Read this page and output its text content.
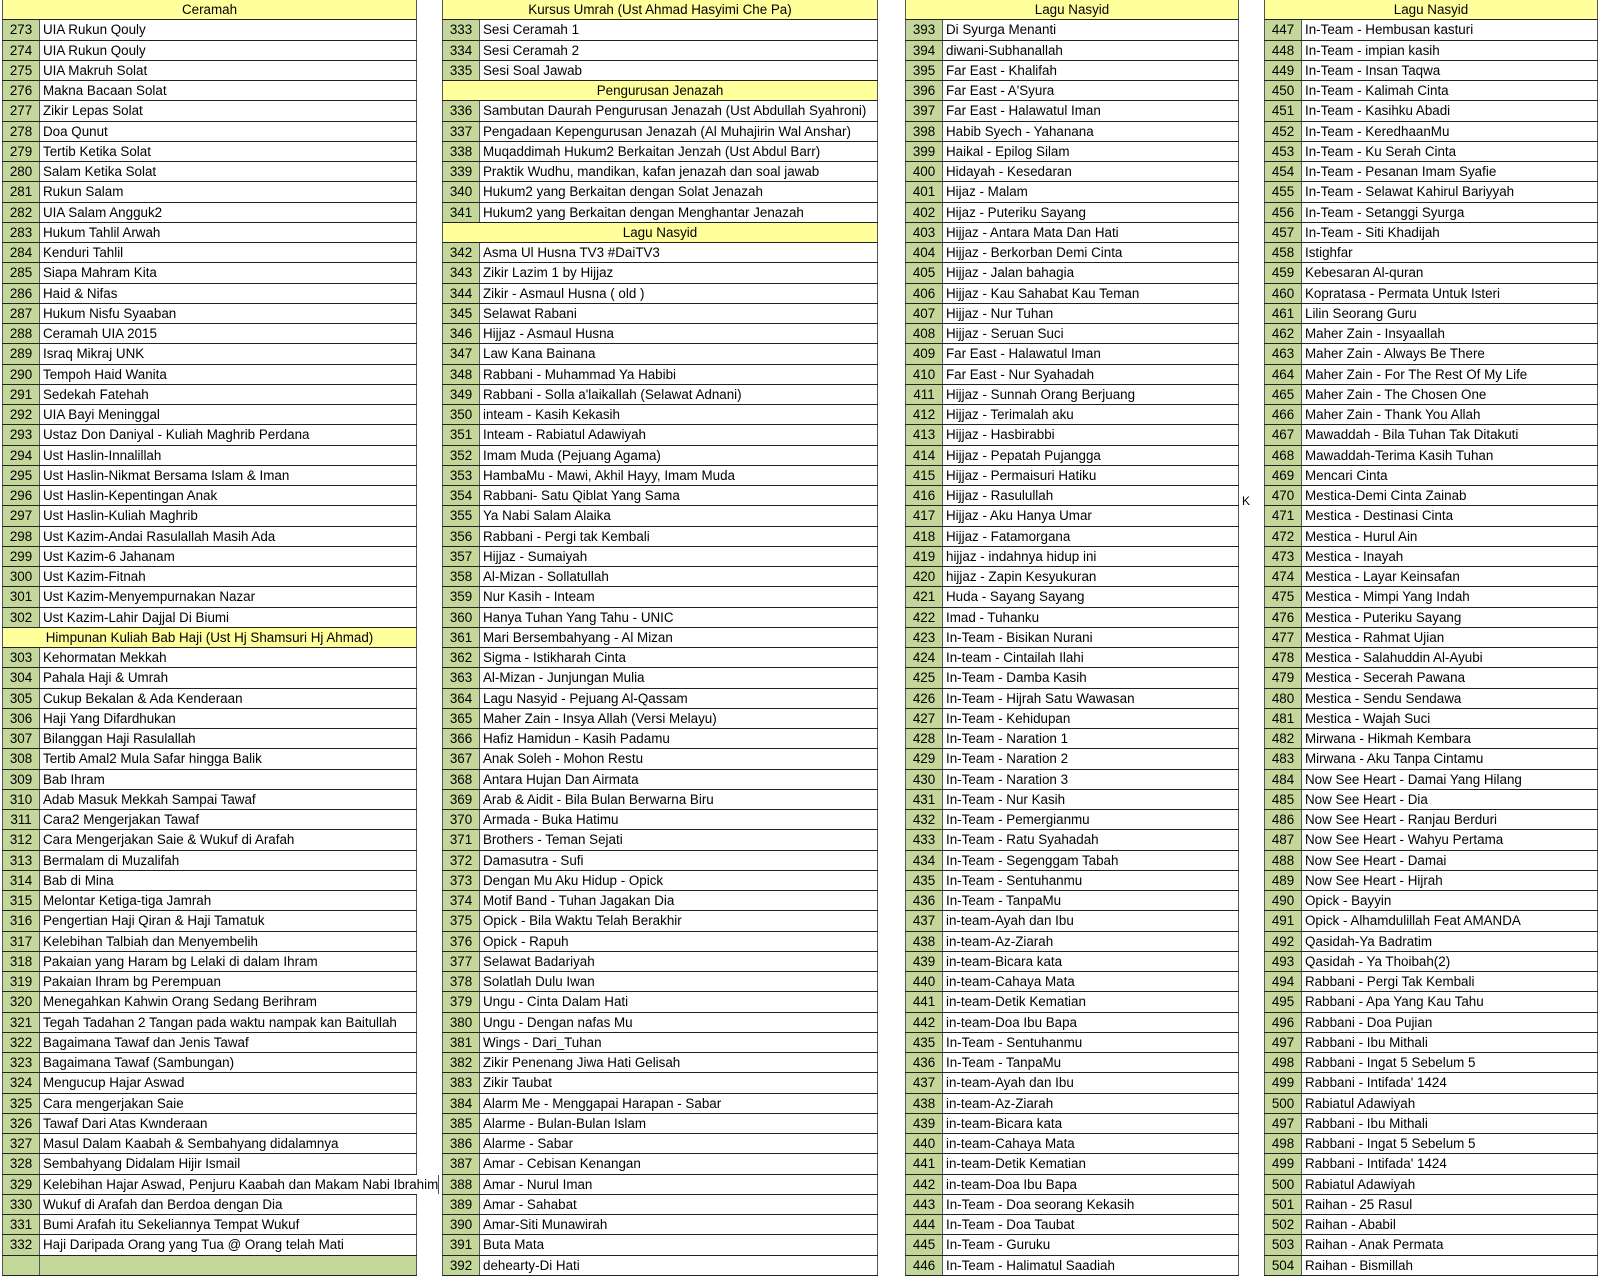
Ceramah
273 UIA Rukun Qouly
274 UIA Rukun Qouly
275 UIA Makruh Solat
276 Makna Bacaan Solat
277 Zikir Lepas Solat
278 Doa Qunut
279 Tertib Ketika Solat
280 Salam Ketika Solat
281 Rukun Salam
282 UIA Salam Angguk2
283 Hukum Tahlil Arwah
284 Kenduri Tahlil
285 Siapa Mahram Kita
286 Haid & Nifas
287 Hukum Nisfu Syaaban
288 Ceramah UIA 2015
289 Israq Mikraj UNK
290 Tempoh Haid Wanita
291 Sedekah Fatehah
292 UIA Bayi Meninggal
293 Ustaz Don Daniyal - Kuliah Maghrib Perdana
294 Ust Haslin-Innalillah
295 Ust Haslin-Nikmat Bersama Islam & Iman
296 Ust Haslin-Kepentingan Anak
297 Ust Haslin-Kuliah Maghrib
298 Ust Kazim-Andai Rasulallah Masih Ada
299 Ust Kazim-6 Jahanam
300 Ust Kazim-Fitnah
301 Ust Kazim-Menyempurnakan Nazar
302 Ust Kazim-Lahir Dajjal Di Biumi
Himpunan Kuliah Bab Haji (Ust Hj Shamsuri Hj Ahmad)
303 Kehormatan Mekkah
304 Pahala Haji & Umrah
305 Cukup Bekalan & Ada Kenderaan
306 Haji Yang Difardhukan
307 Bilanggan Haji Rasulallah
308 Tertib Amal2 Mula Safar hingga Balik
309 Bab Ihram
310 Adab Masuk Mekkah Sampai Tawaf
311 Cara2 Mengerjakan Tawaf
312 Cara Mengerjakan Saie & Wukuf di Arafah
313 Bermalam di Muzalifah
314 Bab di Mina
315 Melontar Ketiga-tiga Jamrah
316 Pengertian Haji Qiran & Haji Tamatuk
317 Kelebihan Talbiah dan Menyembelih
318 Pakaian yang Haram bg Lelaki di dalam Ihram
319 Pakaian Ihram bg Perempuan
320 Menegahkan Kahwin Orang Sedang Berihram
321 Tegah Tadahan 2 Tangan pada waktu nampak kan Baitullah
322 Bagaimana Tawaf dan Jenis Tawaf
323 Bagaimana Tawaf (Sambungan)
324 Mengucup Hajar Aswad
325 Cara mengerjakan Saie
326 Tawaf Dari Atas Kwnderaan
327 Masul Dalam Kaabah & Sembahyang didalamnya
328 Sembahyang Didalam Hijir Ismail
329 Kelebihan Hajar Aswad, Penjuru Kaabah dan Makam Nabi Ibrahim
330 Wukuf di Arafah dan Berdoa dengan Dia
331 Bumi Arafah itu Sekeliannya Tempat Wukuf
332 Haji Daripada Orang yang Tua @ Orang telah Mati
Kursus Umrah (Ust Ahmad Hasyimi Che Pa)
333 Sesi Ceramah 1
334 Sesi Ceramah 2
335 Sesi Soal Jawab
Pengurusan Jenazah
336 Sambutan Daurah Pengurusan Jenazah (Ust Abdullah Syahroni)
337 Pengadaan Kepengurusan Jenazah (Al Muhajirin Wal Anshar)
338 Muqaddimah Hukum2 Berkaitan Jenzah (Ust Abdul Barr)
339 Praktik Wudhu, mandikan, kafan jenazah dan soal jawab
340 Hukum2 yang Berkaitan dengan Solat Jenazah
341 Hukum2 yang Berkaitan dengan Menghantar Jenazah
Lagu Nasyid
342 Asma Ul Husna TV3 #DaiTV3
343 Zikir Lazim 1 by Hijjaz
344 Zikir - Asmaul Husna ( old )
345 Selawat Rabani
346 Hijjaz - Asmaul Husna
347 Law Kana Bainana
348 Rabbani - Muhammad Ya Habibi
349 Rabbani - Solla a'laikallah (Selawat Adnani)
350 inteam - Kasih Kekasih
351 Inteam - Rabiatul Adawiyah
352 Imam Muda (Pejuang Agama)
353 HambaMu - Mawi, Akhil Hayy, Imam Muda
354 Rabbani- Satu Qiblat Yang Sama
355 Ya Nabi Salam Alaika
356 Rabbani - Pergi tak Kembali
357 Hijjaz - Sumaiyah
358 Al-Mizan - Sollatullah
359 Nur Kasih - Inteam
360 Hanya Tuhan Yang Tahu - UNIC
361 Mari Bersembahyang - Al Mizan
362 Sigma - Istikharah Cinta
363 Al-Mizan - Junjungan Mulia
364 Lagu Nasyid - Pejuang Al-Qassam
365 Maher Zain - Insya Allah (Versi Melayu)
366 Hafiz Hamidun - Kasih Padamu
367 Anak Soleh - Mohon Restu
368 Antara Hujan Dan Airmata
369 Arab & Aidit - Bila Bulan Berwarna Biru
370 Armada - Buka Hatimu
371 Brothers - Teman Sejati
372 Damasutra - Sufi
373 Dengan Mu Aku Hidup - Opick
374 Motif Band - Tuhan Jagakan Dia
375 Opick - Bila Waktu Telah Berakhir
376 Opick - Rapuh
377 Selawat Badariyah
378 Solatlah Dulu Iwan
379 Ungu - Cinta Dalam Hati
380 Ungu - Dengan nafas Mu
381 Wings - Dari_Tuhan
382 Zikir Penenang Jiwa Hati Gelisah
383 Zikir Taubat
384 Alarm Me - Menggapai Harapan - Sabar
385 Alarme - Bulan-Bulan Islam
386 Alarme - Sabar
387 Amar - Cebisan Kenangan
388 Amar - Nurul Iman
389 Amar - Sahabat
390 Amar-Siti Munawirah
391 Buta Mata
392 dehearty-Di Hati
Lagu Nasyid
393 Di Syurga Menanti
394 diwani-Subhanallah
395 Far East - Khalifah
396 Far East - A'Syura
397 Far East - Halawatul Iman
398 Habib Syech - Yahanana
399 Haikal - Epilog Silam
400 Hidayah - Kesedaran
401 Hijaz - Malam
402 Hijaz - Puteriku Sayang
403 Hijjaz - Antara Mata Dan Hati
404 Hijjaz - Berkorban Demi Cinta
405 Hijjaz - Jalan bahagia
406 Hijjaz - Kau Sahabat Kau Teman
407 Hijjaz - Nur Tuhan
408 Hijjaz - Seruan Suci
409 Far East - Halawatul Iman
410 Far East - Nur Syahadah
411 Hijjaz - Sunnah Orang Berjuang
412 Hijjaz - Terimalah aku
413 Hijjaz - Hasbirabbi
414 Hijjaz - Pepatah Pujangga
415 Hijjaz - Permaisuri Hatiku
416 Hijjaz - Rasulullah
417 Hijjaz - Aku Hanya Umar
418 Hijjaz - Fatamorgana
419 hijjaz - indahnya hidup ini
420 hijjaz - Zapin Kesyukuran
421 Huda - Sayang Sayang
422 Imad - Tuhanku
423 In-Team - Bisikan Nurani
424 In-team - Cintailah Ilahi
425 In-Team - Damba Kasih
426 In-Team - Hijrah Satu Wawasan
427 In-Team - Kehidupan
428 In-Team - Naration 1
429 In-Team - Naration 2
430 In-Team - Naration 3
431 In-Team - Nur Kasih
432 In-Team - Pemergianmu
433 In-Team - Ratu Syahadah
434 In-Team - Segenggam Tabah
435 In-Team - Sentuhanmu
436 In-Team - TanpaMu
437 in-team-Ayah dan Ibu
438 in-team-Az-Ziarah
439 in-team-Bicara kata
440 in-team-Cahaya Mata
441 in-team-Detik Kematian
442 in-team-Doa Ibu Bapa
435 In-Team - Sentuhanmu
436 In-Team - TanpaMu
437 in-team-Ayah dan Ibu
438 in-team-Az-Ziarah
439 in-team-Bicara kata
440 in-team-Cahaya Mata
441 in-team-Detik Kematian
442 in-team-Doa Ibu Bapa
443 In-Team - Doa seorang Kekasih
444 In-Team - Doa Taubat
445 In-Team - Guruku
446 In-Team - Halimatul Saadiah
Lagu Nasyid
447 In-Team - Hembusan kasturi
448 In-Team - impian kasih
449 In-Team - Insan Taqwa
450 In-Team - Kalimah Cinta
451 In-Team - Kasihku Abadi
452 In-Team - KeredhaanMu
453 In-Team - Ku Serah Cinta
454 In-Team - Pesanan Imam Syafie
455 In-Team - Selawat Kahirul Bariyyah
456 In-Team - Setanggi Syurga
457 In-Team - Siti Khadijah
458 Istighfar
459 Kebesaran Al-quran
460 Kopratasa - Permata Untuk Isteri
461 Lilin Seorang Guru
462 Maher Zain - Insyaallah
463 Maher Zain - Always Be There
464 Maher Zain - For The Rest Of My Life
465 Maher Zain - The Chosen One
466 Maher Zain - Thank You Allah
467 Mawaddah - Bila Tuhan Tak Ditakuti
468 Mawaddah-Terima Kasih Tuhan
469 Mencari Cinta
470 Mestica-Demi Cinta Zainab
471 Mestica - Destinasi Cinta
472 Mestica - Hurul Ain
473 Mestica - Inayah
474 Mestica - Layar Keinsafan
475 Mestica - Mimpi Yang Indah
476 Mestica - Puteriku Sayang
477 Mestica - Rahmat Ujian
478 Mestica - Salahuddin Al-Ayubi
479 Mestica - Secerah Pawana
480 Mestica - Sendu Sendawa
481 Mestica - Wajah Suci
482 Mirwana - Hikmah Kembara
483 Mirwana - Aku Tanpa Cintamu
484 Now See Heart - Damai Yang Hilang
485 Now See Heart - Dia
486 Now See Heart - Ranjau Berduri
487 Now See Heart - Wahyu Pertama
488 Now See Heart - Damai
489 Now See Heart - Hijrah
490 Opick - Bayyin
491 Opick - Alhamdulillah Feat AMANDA
492 Qasidah-Ya Badratim
493 Qasidah - Ya Thoibah(2)
494 Rabbani - Pergi Tak Kembali
495 Rabbani - Apa Yang Kau Tahu
496 Rabbani - Doa Pujian
497 Rabbani - Ibu Mithali
498 Rabbani - Ingat 5 Sebelum 5
499 Rabbani - Intifada' 1424
500 Rabiatul Adawiyah
497 Rabbani - Ibu Mithali
498 Rabbani - Ingat 5 Sebelum 5
499 Rabbani - Intifada' 1424
500 Rabiatul Adawiyah
501 Raihan - 25 Rasul
502 Raihan - Ababil
503 Raihan - Anak Permata
504 Raihan - Bismillah
K
